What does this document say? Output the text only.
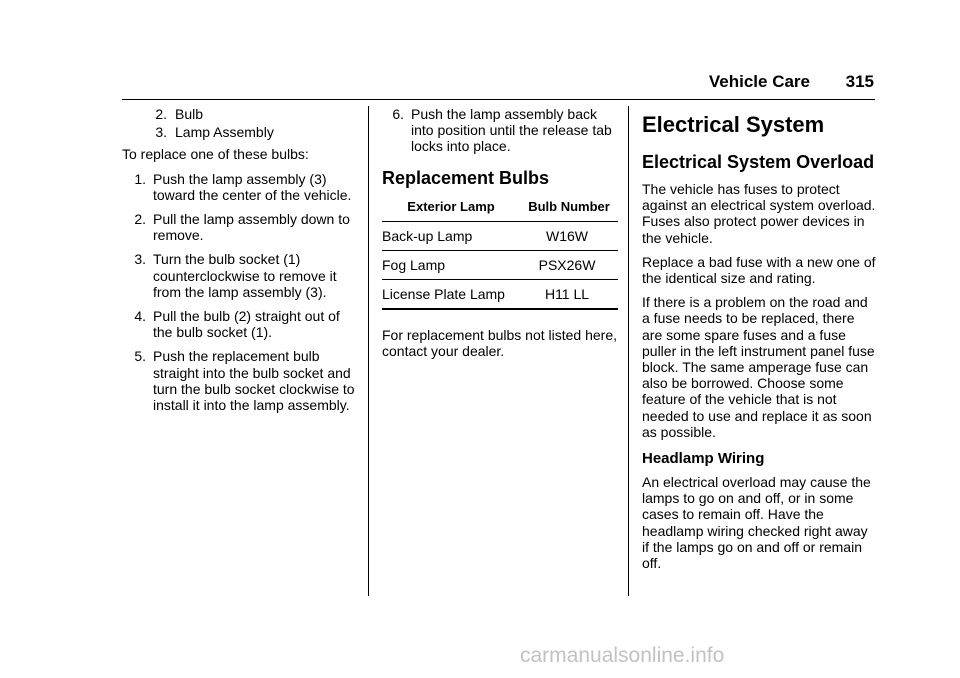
Vehicle Care 315
2. Bulb
3. Lamp Assembly

To replace one of these bulbs:

1. Push the lamp assembly (3) toward the center of the vehicle.
2. Pull the lamp assembly down to remove.
3. Turn the bulb socket (1) counterclockwise to remove it from the lamp assembly (3).
4. Pull the bulb (2) straight out of the bulb socket (1).
5. Push the replacement bulb straight into the bulb socket and turn the bulb socket clockwise to install it into the lamp assembly.
6. Push the lamp assembly back into position until the release tab locks into place.
Replacement Bulbs
Exterior Lamp	Bulb Number
Back-up Lamp	W16W
Fog Lamp	PSX26W
License Plate Lamp	H11 LL

For replacement bulbs not listed here, contact your dealer.

Electrical System
Electrical System Overload

The vehicle has fuses to protect against an electrical system overload. Fuses also protect power devices in the vehicle.

Replace a bad fuse with a new one of the identical size and rating.

If there is a problem on the road and a fuse needs to be replaced, there are some spare fuses and a fuse puller in the left instrument panel fuse block. The same amperage fuse can also be borrowed. Choose some feature of the vehicle that is not needed to use and replace it as soon as possible.

Headlamp Wiring

An electrical overload may cause the lamps to go on and off, or in some cases to remain off. Have the headlamp wiring checked right away if the lamps go on and off or remain off.

carmanualsonline.info
